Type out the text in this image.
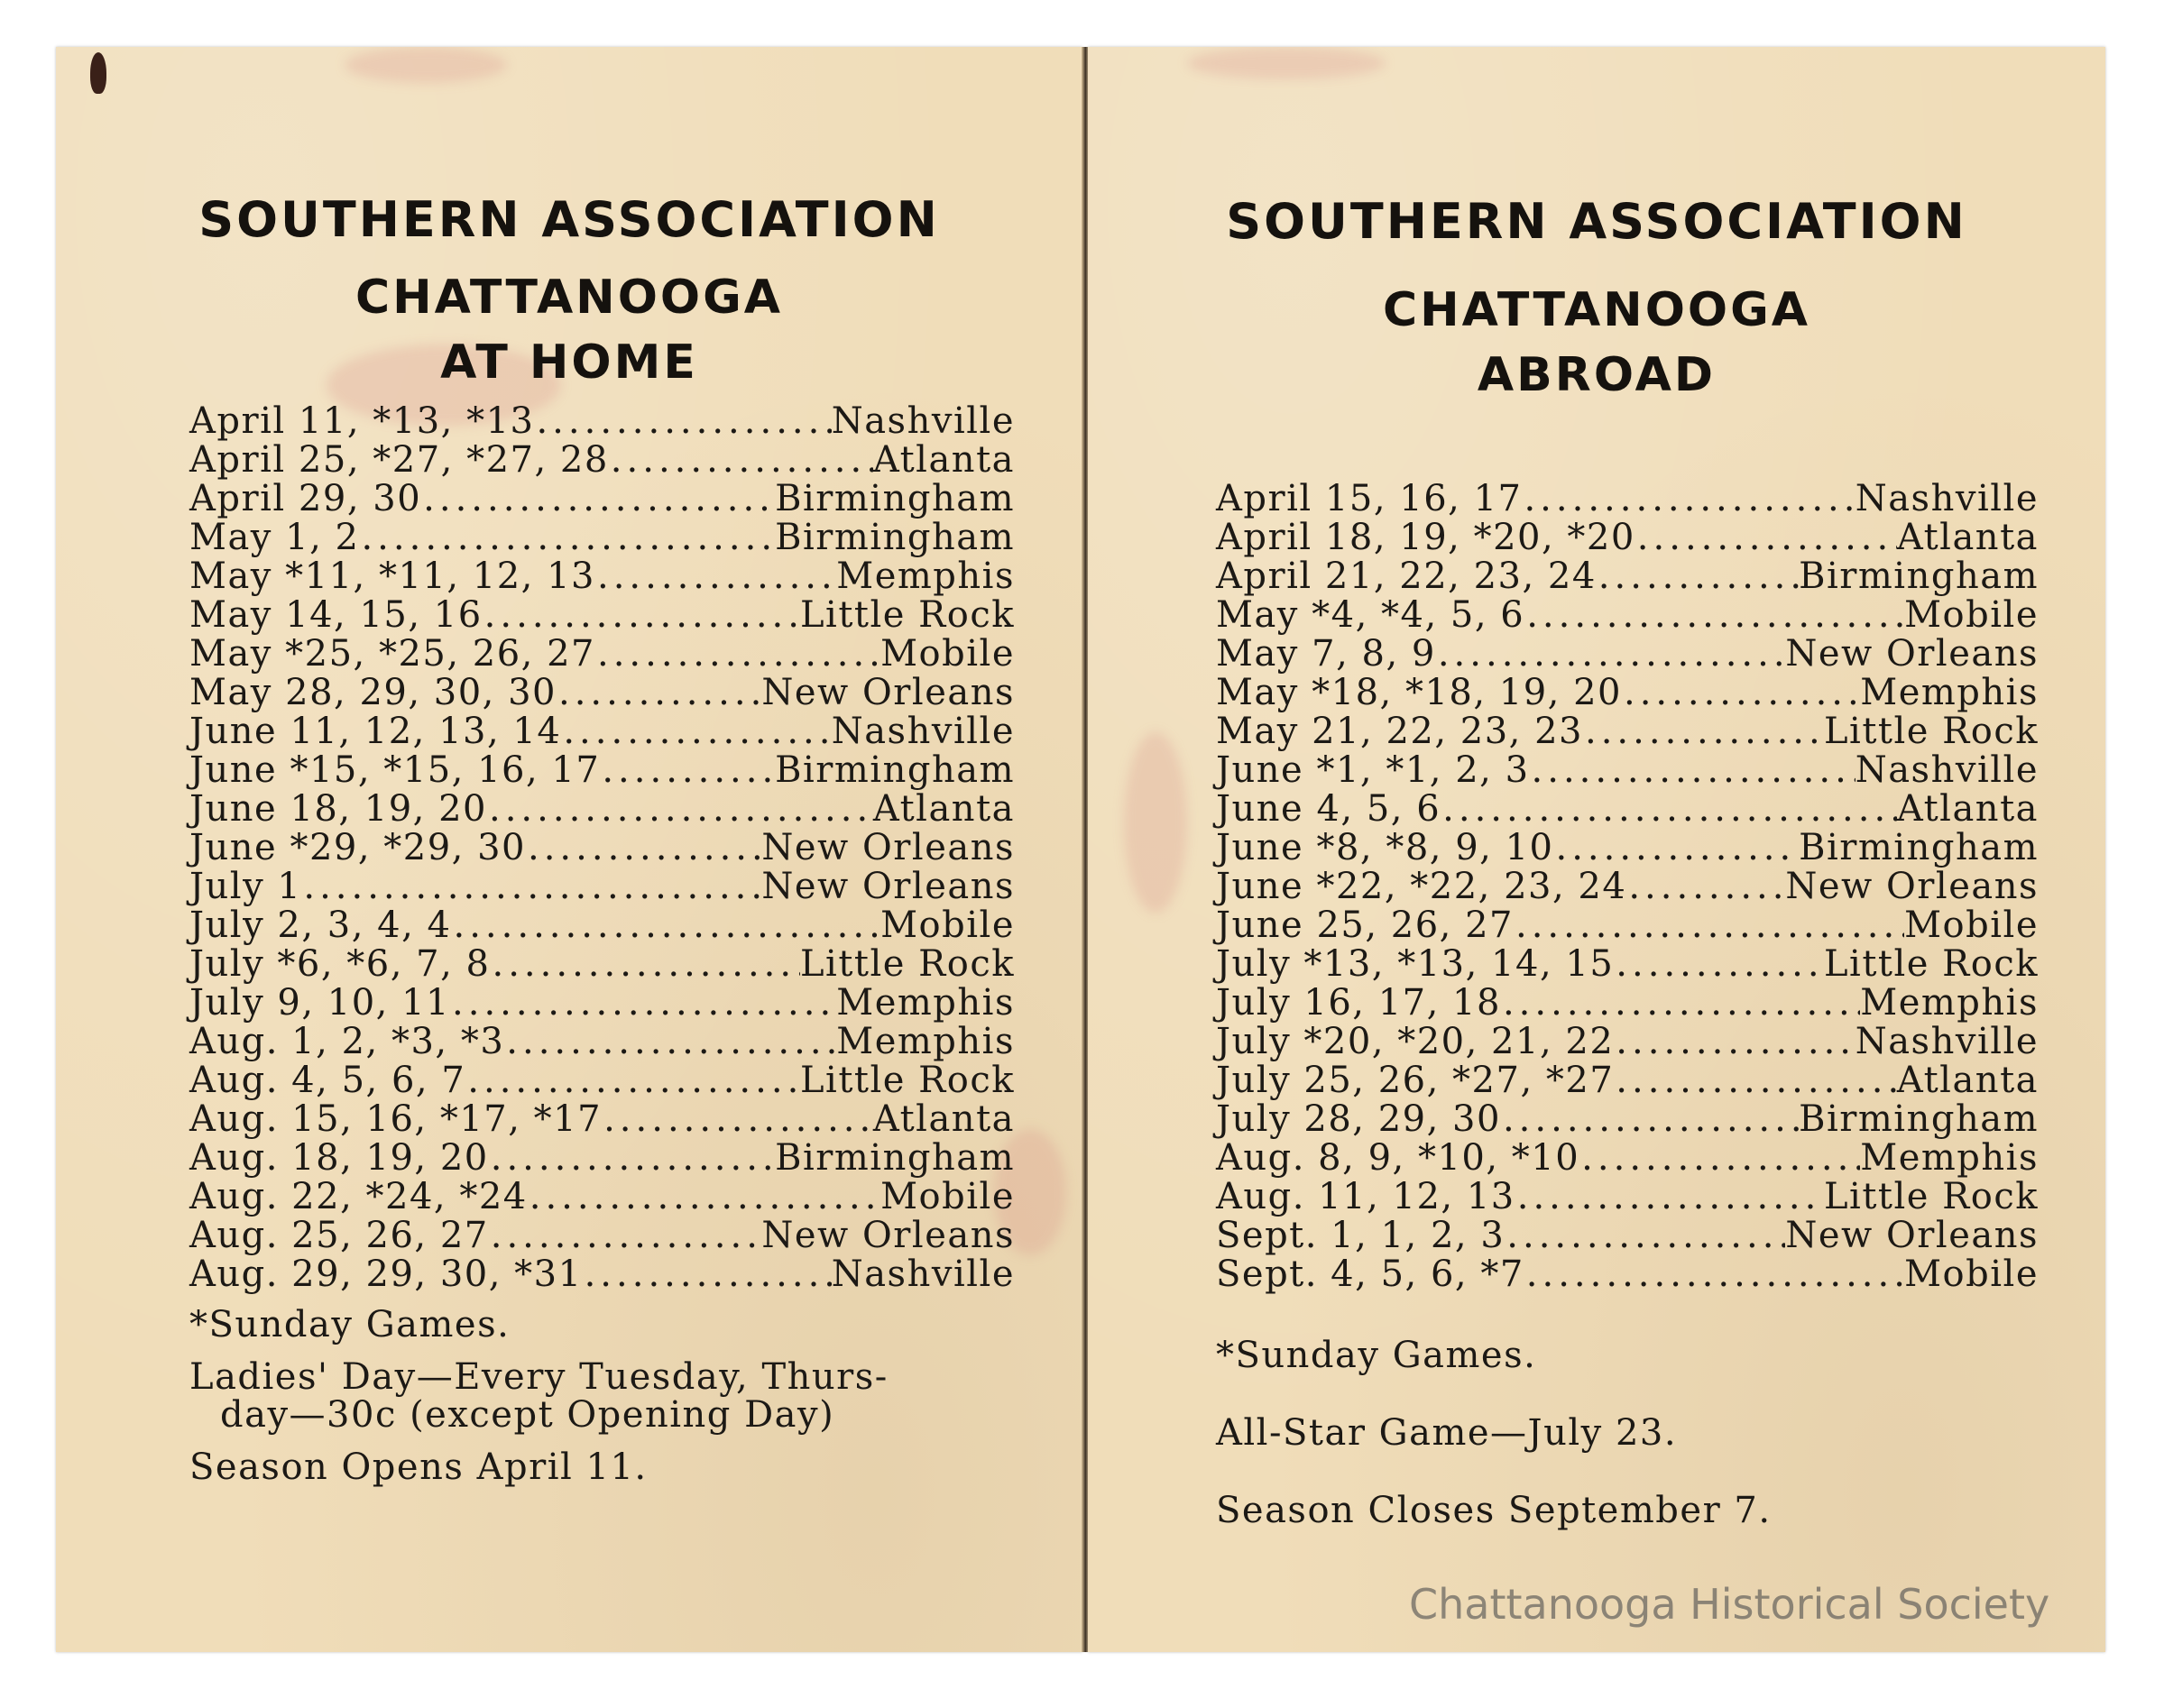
SOUTHERN ASSOCIATION
CHATTANOOGA
AT HOME
April 11, *13, *13 .....	Nashville
April 25, *27, *27, 28 .....	Atlanta
April 29, 30 .....	Birmingham
May 1, 2 .....	Birmingham
May *11, *11, 12, 13 .....	Memphis
May 14, 15, 16 .....	Little Rock
May *25, *25, 26, 27 .....	Mobile
May 28, 29, 30, 30 .....	New Orleans
June 11, 12, 13, 14 .....	Nashville
June *15, *15, 16, 17 .....	Birmingham
June 18, 19, 20 .....	Atlanta
June *29, *29, 30 .....	New Orleans
July 1 .....	New Orleans
July 2, 3, 4, 4 .....	Mobile
July *6, *6, 7, 8 .....	Little Rock
July 9, 10, 11 .....	Memphis
Aug. 1, 2, *3, *3 .....	Memphis
Aug. 4, 5, 6, 7 .....	Little Rock
Aug. 15, 16, *17, *17 .....	Atlanta
Aug. 18, 19, 20 .....	Birmingham
Aug. 22, *24, *24 .....	Mobile
Aug. 25, 26, 27 .....	New Orleans
Aug. 29, 29, 30, *31 .....	Nashville
*Sunday Games.
Ladies' Day—Every Tuesday, Thurs-
day—30c (except Opening Day)
Season Opens April 11.
SOUTHERN ASSOCIATION
CHATTANOOGA
ABROAD
April 15, 16, 17 .....	Nashville
April 18, 19, *20, *20 .....	Atlanta
April 21, 22, 23, 24 .....	Birmingham
May *4, *4, 5, 6 .....	Mobile
May 7, 8, 9 .....	New Orleans
May *18, *18, 19, 20 .....	Memphis
May 21, 22, 23, 23 .....	Little Rock
June *1, *1, 2, 3 .....	Nashville
June 4, 5, 6 .....	Atlanta
June *8, *8, 9, 10 .....	Birmingham
June *22, *22, 23, 24 .....	New Orleans
June 25, 26, 27 .....	Mobile
July *13, *13, 14, 15 .....	Little Rock
July 16, 17, 18 .....	Memphis
July *20, *20, 21, 22 .....	Nashville
July 25, 26, *27, *27 .....	Atlanta
July 28, 29, 30 .....	Birmingham
Aug. 8, 9, *10, *10 .....	Memphis
Aug. 11, 12, 13 .....	Little Rock
Sept. 1, 1, 2, 3 .....	New Orleans
Sept. 4, 5, 6, *7 .....	Mobile
*Sunday Games.
All-Star Game—July 23.
Season Closes September 7.
Chattanooga Historical Society
